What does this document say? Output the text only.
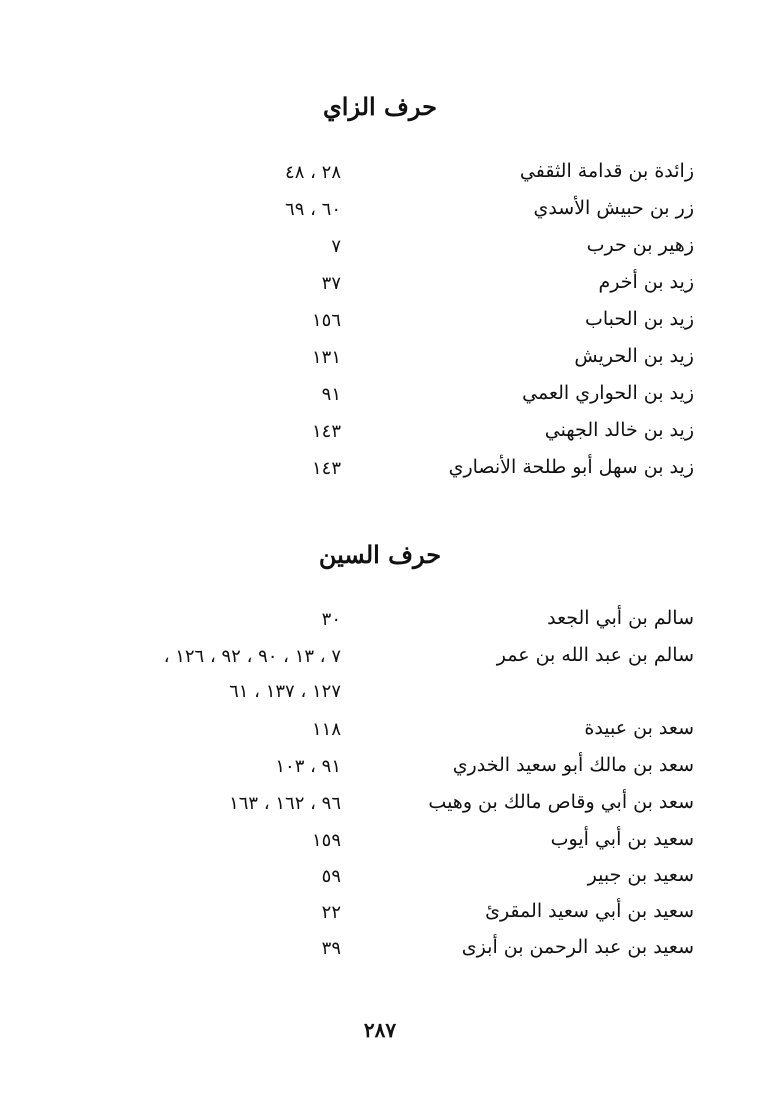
حرف الزاي
زائدة بن قدامة الثقفي
٢٨ ، ٤٨
زر بن حبيش الأسدي
٦٠ ، ٦٩
زهير بن حرب
٧
زيد بن أخرم
٣٧
زيد بن الحباب
١٥٦
زيد بن الحريش
١٣١
زيد بن الحواري العمي
٩١
زيد بن خالد الجهني
١٤٣
زيد بن سهل أبو طلحة الأنصاري
١٤٣
حرف السين
سالم بن أبي الجعد
٣٠
سالم بن عبد الله بن عمر
٧ ، ١٣ ، ٩٠ ، ٩٢ ، ١٢٦ ،
١٢٧ ، ١٣٧ ، ٦١
سعد بن عبيدة
١١٨
سعد بن مالك أبو سعيد الخدري
٩١ ، ١٠٣
سعد بن أبي وقاص مالك بن وهيب
٩٦ ، ١٦٢ ، ١٦٣
سعيد بن أبي أيوب
١٥٩
سعيد بن جبير
٥٩
سعيد بن أبي سعيد المقرئ
٢٢
سعيد بن عبد الرحمن بن أبزى
٣٩
٢٨٧
